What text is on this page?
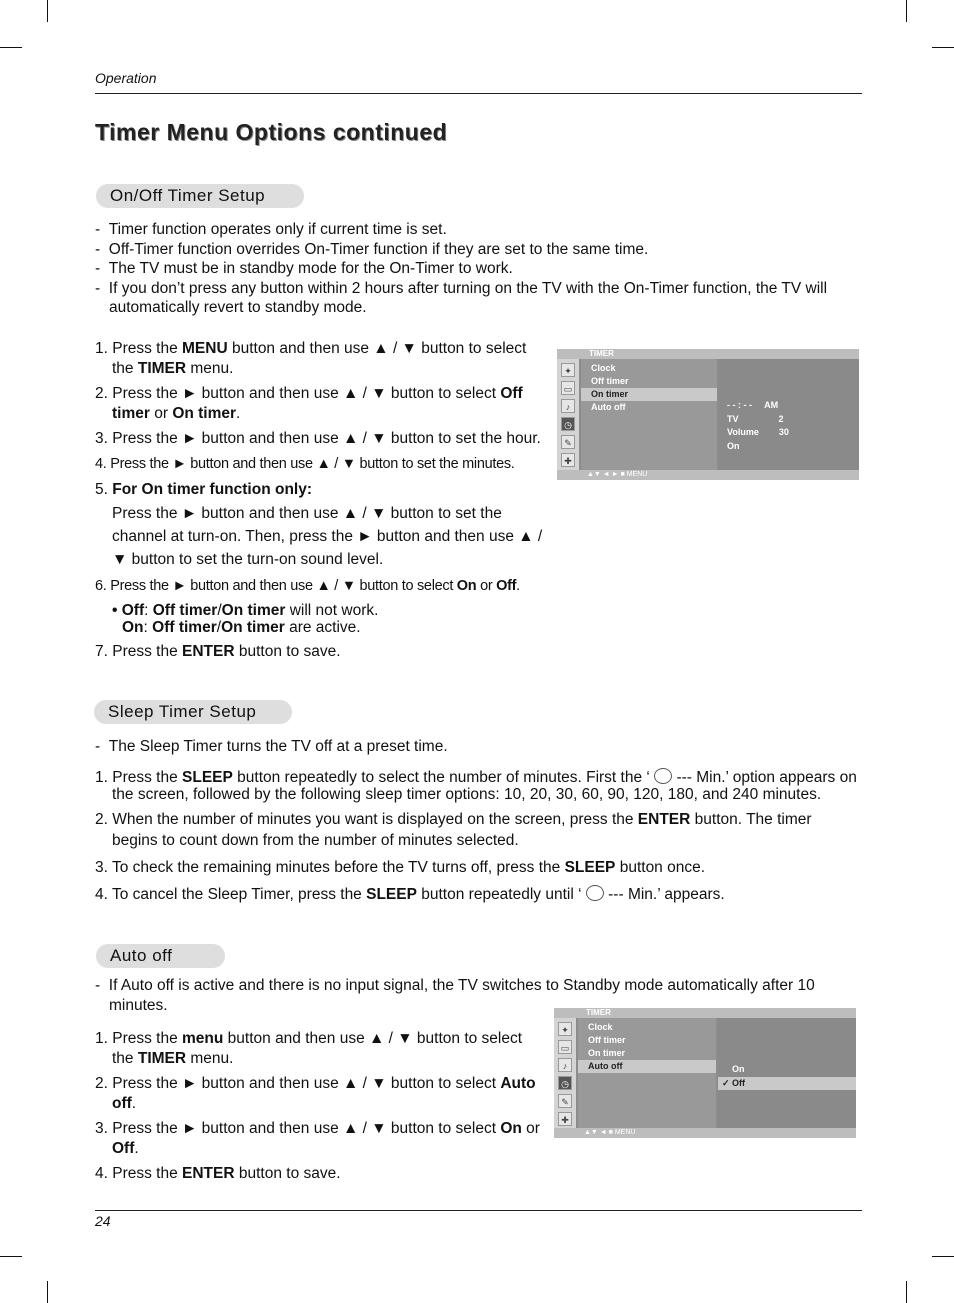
Operation
Timer Menu Options continued
On/Off Timer Setup
-  Timer function operates only if current time is set.
-  Off-Timer function overrides On-Timer function if they are set to the same time.
-  The TV must be in standby mode for the On-Timer to work.
-  If you don’t press any button within 2 hours after turning on the TV with the On-Timer function, the TV will automatically revert to standby mode.
1. Press the MENU button and then use ▲ / ▼ button to select the TIMER menu.
2. Press the ► button and then use ▲ / ▼ button to select Off timer or On timer.
3. Press the ► button and then use ▲ / ▼ button to set the hour.
4. Press the ► button and then use ▲ / ▼ button to set the minutes.
5. For On timer function only:
Press the ► button and then use ▲ / ▼ button to set the channel at turn-on. Then, press the ► button and then use ▲ / ▼ button to set the turn-on sound level.
6. Press the ► button and then use ▲ / ▼ button to select On or Off.
• Off: Off timer/On timer will not work.
On: Off timer/On timer are active.
7. Press the ENTER button to save.
TIMER
✦
▭
♪
◷
✎
✚
Clock
Off timer
On timer
Auto off	- - : - -     AM
TV                2
Volume        30
On
▲▼ ◄ ► ■ MENU
Sleep Timer Setup
-  The Sleep Timer turns the TV off at a preset time.
1. Press the SLEEP button repeatedly to select the number of minutes. First the ‘  --- Min.’ option appears on the screen, followed by the following sleep timer options: 10, 20, 30, 60, 90, 120, 180, and 240 minutes.
2. When the number of minutes you want is displayed on the screen, press the ENTER button. The timer begins to count down from the number of minutes selected.
3. To check the remaining minutes before the TV turns off, press the SLEEP button once.
4. To cancel the Sleep Timer, press the SLEEP button repeatedly until ‘  --- Min.’ appears.
Auto off
-  If Auto off is active and there is no input signal, the TV switches to Standby mode automatically after 10 minutes.
1. Press the menu button and then use ▲ / ▼ button to select the TIMER menu.
2. Press the ► button and then use ▲ / ▼ button to select Auto off.
3. Press the ► button and then use ▲ / ▼ button to select On or Off.
4. Press the ENTER button to save.
TIMER
✦
▭
♪
◷
✎
✚
Clock
Off timer
On timer
Auto off	On
✓ Off
▲▼ ◄ ■ MENU
24
